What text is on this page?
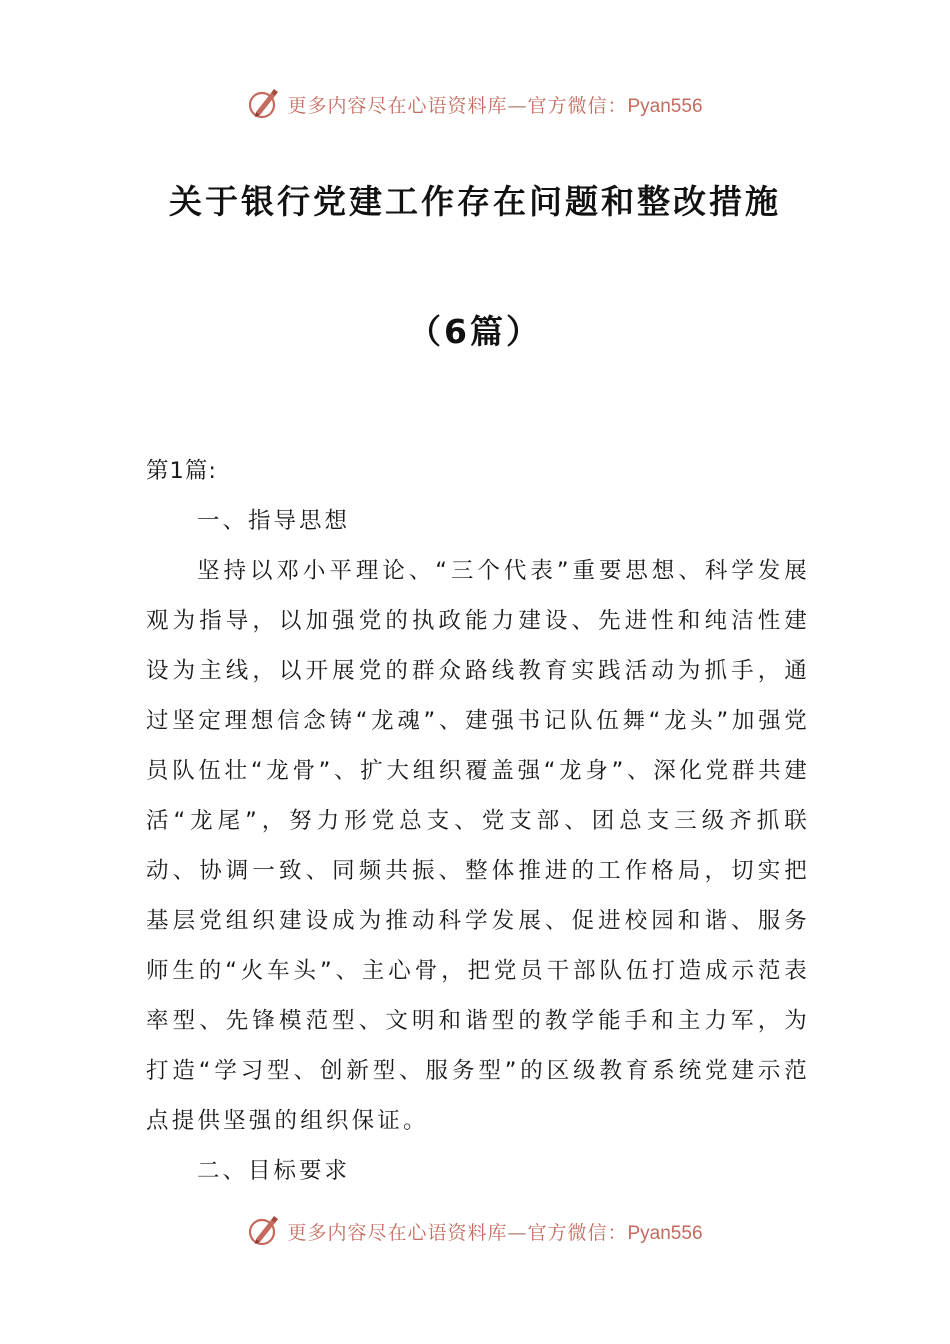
更多内容尽在心语资料库—官方微信：Pyan556
关于银行党建工作存在问题和整改措施
（6篇）

第1篇:

一、指导思想

坚持以邓小平理论、“三个代表”重要思想、科学发展观为指导，以加强党的执政能力建设、先进性和纯洁性建设为主线，以开展党的群众路线教育实践活动为抓手，通过坚定理想信念铸“龙魂”、建强书记队伍舞“龙头”加强党员队伍壮“龙骨”、扩大组织覆盖强“龙身”、深化党群共建活“龙尾”，努力形党总支、党支部、团总支三级齐抓联动、协调一致、同频共振、整体推进的工作格局，切实把基层党组织建设成为推动科学发展、促进校园和谐、服务师生的“火车头”、主心骨，把党员干部队伍打造成示范表率型、先锋模范型、文明和谐型的教学能手和主力军，为打造“学习型、创新型、服务型”的区级教育系统党建示范点提供坚强的组织保证。

二、目标要求

更多内容尽在心语资料库—官方微信：Pyan556
